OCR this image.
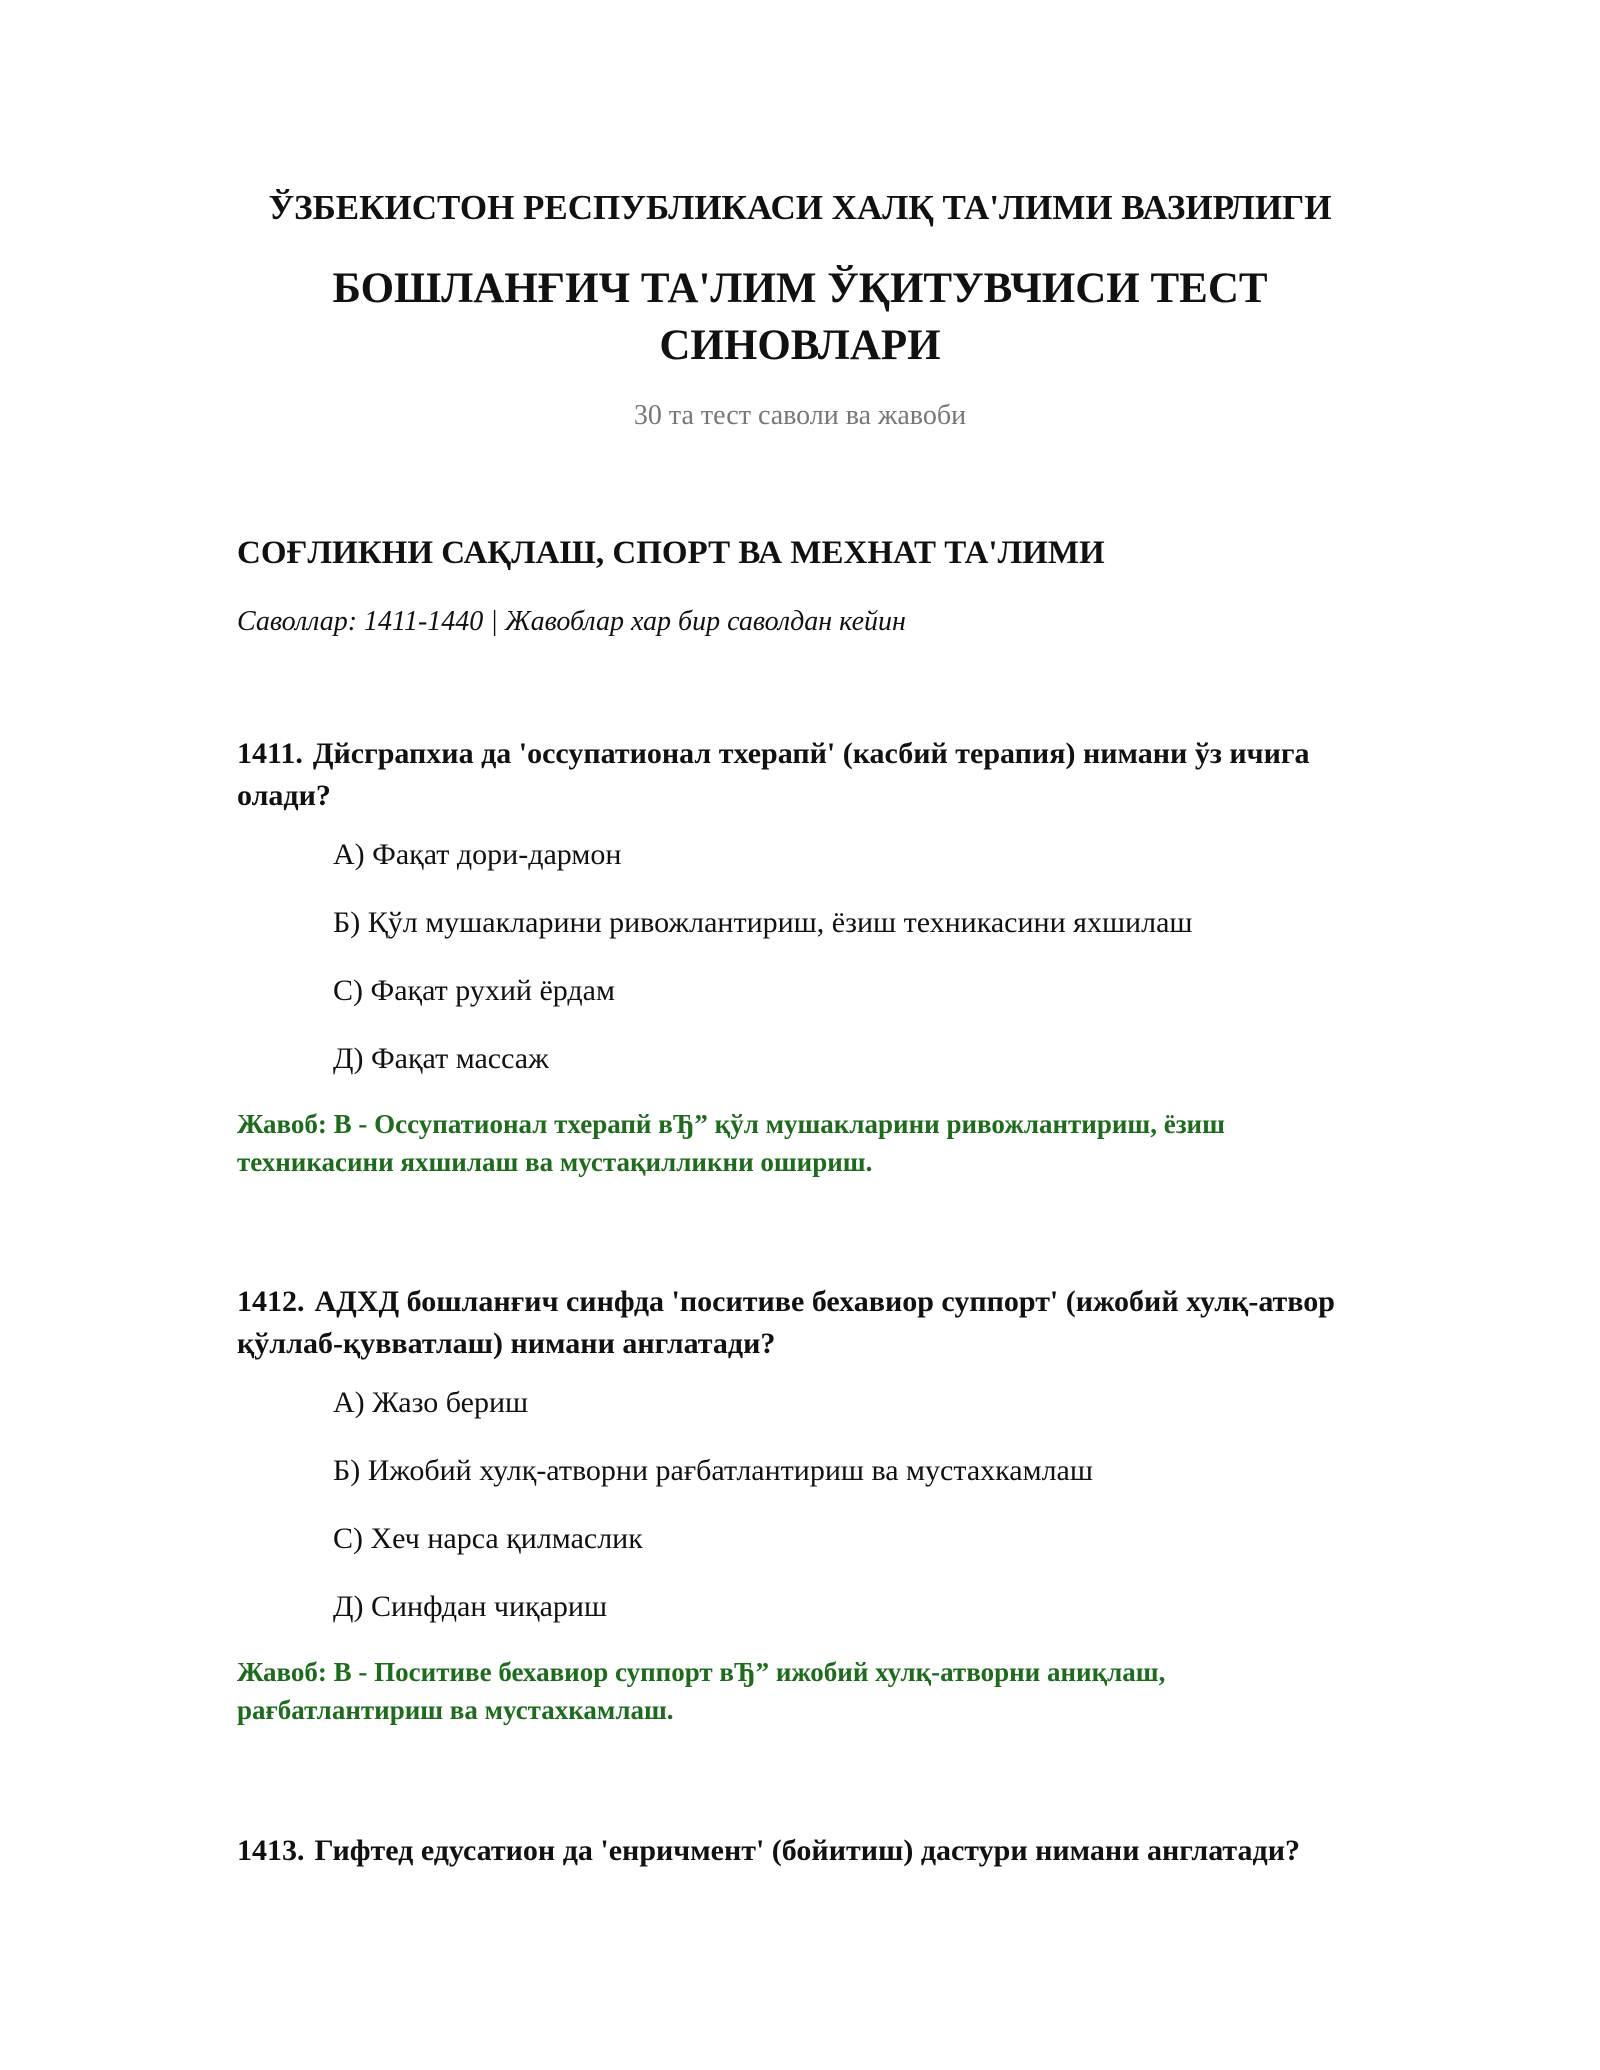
ЎЗБЕКИСТОН РЕСПУБЛИКАСИ ХАЛҚ ТА'ЛИМИ ВАЗИРЛИГИ
БОШЛАНҒИЧ ТА'ЛИМ ЎҚИТУВЧИСИ ТЕСТ
СИНОВЛАРИ
30 та тест саволи ва жавоби
СОҒЛИКНИ САҚЛАШ, СПОРТ ВА МЕХНАТ ТА'ЛИМИ
Саволлар: 1411-1440 | Жавоблар хар бир саволдан кейин

1411. Дйсграпхиа да 'оссупатионал тхерапй' (касбий терапия) нимани ўз ичига олади?

А) Фақат дори-дармон
Б) Қўл мушакларини ривожлантириш, ёзиш техникасини яхшилаш
С) Фақат рухий ёрдам
Д) Фақат массаж

Жавоб: В - Оссупатионал тхерапй вЂ” қўл мушакларини ривожлантириш, ёзиш техникасини яхшилаш ва мустақилликни ошириш.

1412. АДХД бошланғич синфда 'поситиве бехавиор суппорт' (ижобий хулқ-атвор қўллаб-қувватлаш) нимани англатади?

А) Жазо бериш
Б) Ижобий хулқ-атворни рағбатлантириш ва мустахкамлаш
С) Хеч нарса қилмаслик
Д) Синфдан чиқариш

Жавоб: В - Поситиве бехавиор суппорт вЂ” ижобий хулқ-атворни аниқлаш, рағбатлантириш ва мустахкамлаш.

1413. Гифтед едусатион да 'енричмент' (бойитиш) дастури нимани англатади?
